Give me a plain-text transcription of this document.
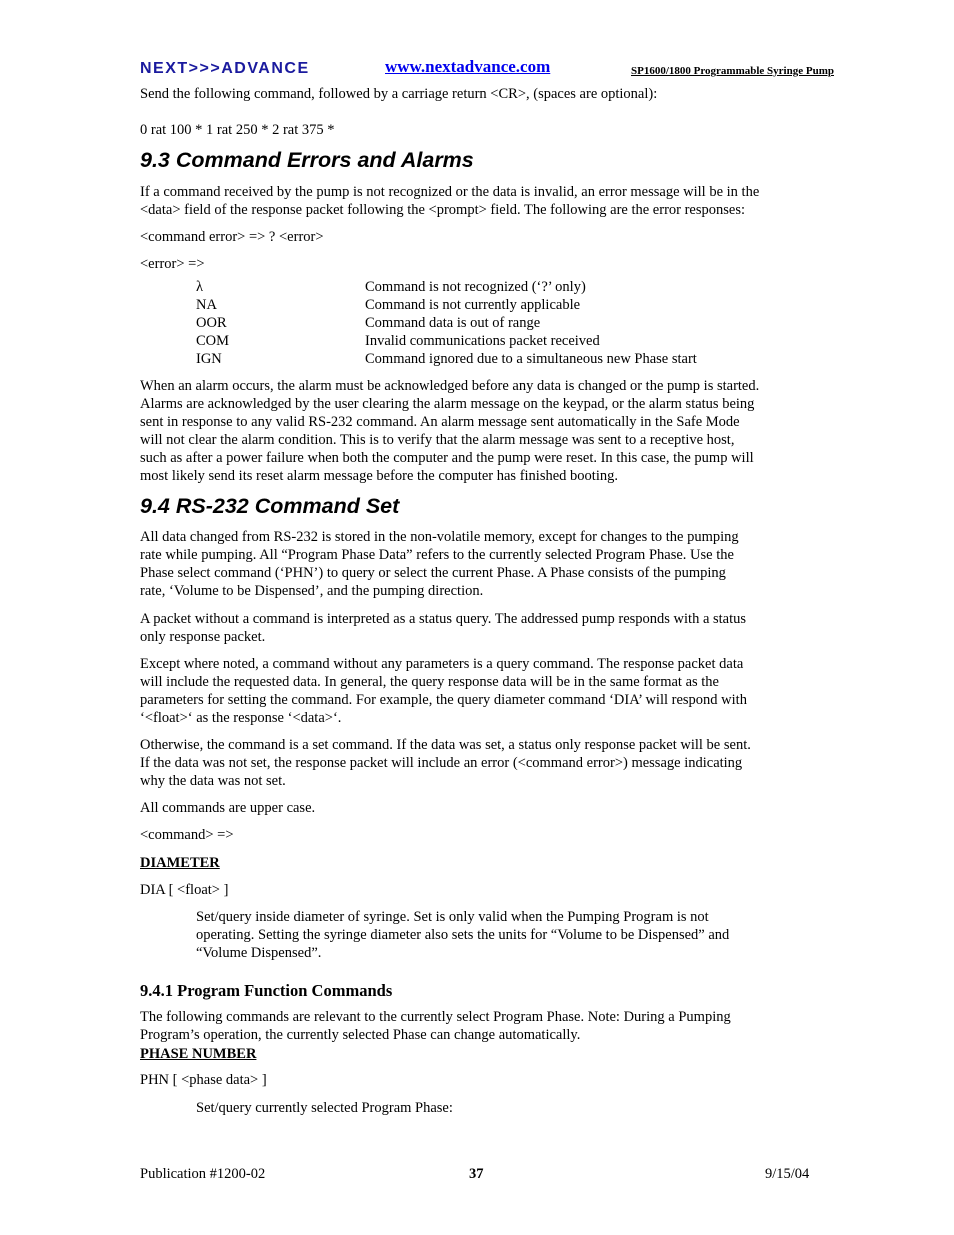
NEXT>>>ADVANCE	www.nextadvance.com	SP1600/1800 Programmable Syringe Pump

Send the following command, followed by a carriage return <CR>, (spaces are optional):

0 rat 100 * 1 rat 250 * 2 rat 375 *

9.3 Command Errors and Alarms

If a command received by the pump is not recognized or the data is invalid, an error message will be in the

<data> field of the response packet following the <prompt> field. The following are the error responses:

<command error> => ? <error>

<error> =>

λ	Command is not recognized (‘?’ only)
NA	Command is not currently applicable
OOR	Command data is out of range
COM	Invalid communications packet received
IGN	Command ignored due to a simultaneous new Phase start

When an alarm occurs, the alarm must be acknowledged before any data is changed or the pump is started.

Alarms are acknowledged by the user clearing the alarm message on the keypad, or the alarm status being

sent in response to any valid RS-232 command. An alarm message sent automatically in the Safe Mode

will not clear the alarm condition. This is to verify that the alarm message was sent to a receptive host,

such as after a power failure when both the computer and the pump were reset. In this case, the pump will

most likely send its reset alarm message before the computer has finished booting.

9.4 RS-232 Command Set

All data changed from RS-232 is stored in the non-volatile memory, except for changes to the pumping

rate while pumping. All “Program Phase Data” refers to the currently selected Program Phase. Use the

Phase select command (‘PHN’) to query or select the current Phase. A Phase consists of the pumping

rate, ‘Volume to be Dispensed’, and the pumping direction.

A packet without a command is interpreted as a status query. The addressed pump responds with a status

only response packet.

Except where noted, a command without any parameters is a query command. The response packet data

will include the requested data. In general, the query response data will be in the same format as the

parameters for setting the command. For example, the query diameter command ‘DIA’ will respond with

‘<float>‘ as the response ‘<data>‘.

Otherwise, the command is a set command. If the data was set, a status only response packet will be sent.

If the data was not set, the response packet will include an error (<command error>) message indicating

why the data was not set.

All commands are upper case.

<command> =>

DIAMETER

DIA [ <float> ]

Set/query inside diameter of syringe. Set is only valid when the Pumping Program is not

operating. Setting the syringe diameter also sets the units for “Volume to be Dispensed” and

“Volume Dispensed”.

9.4.1 Program Function Commands

The following commands are relevant to the currently select Program Phase. Note: During a Pumping

Program’s operation, the currently selected Phase can change automatically.

PHASE NUMBER

PHN [ <phase data> ]

Set/query currently selected Program Phase:

Publication #1200-02	37	9/15/04
